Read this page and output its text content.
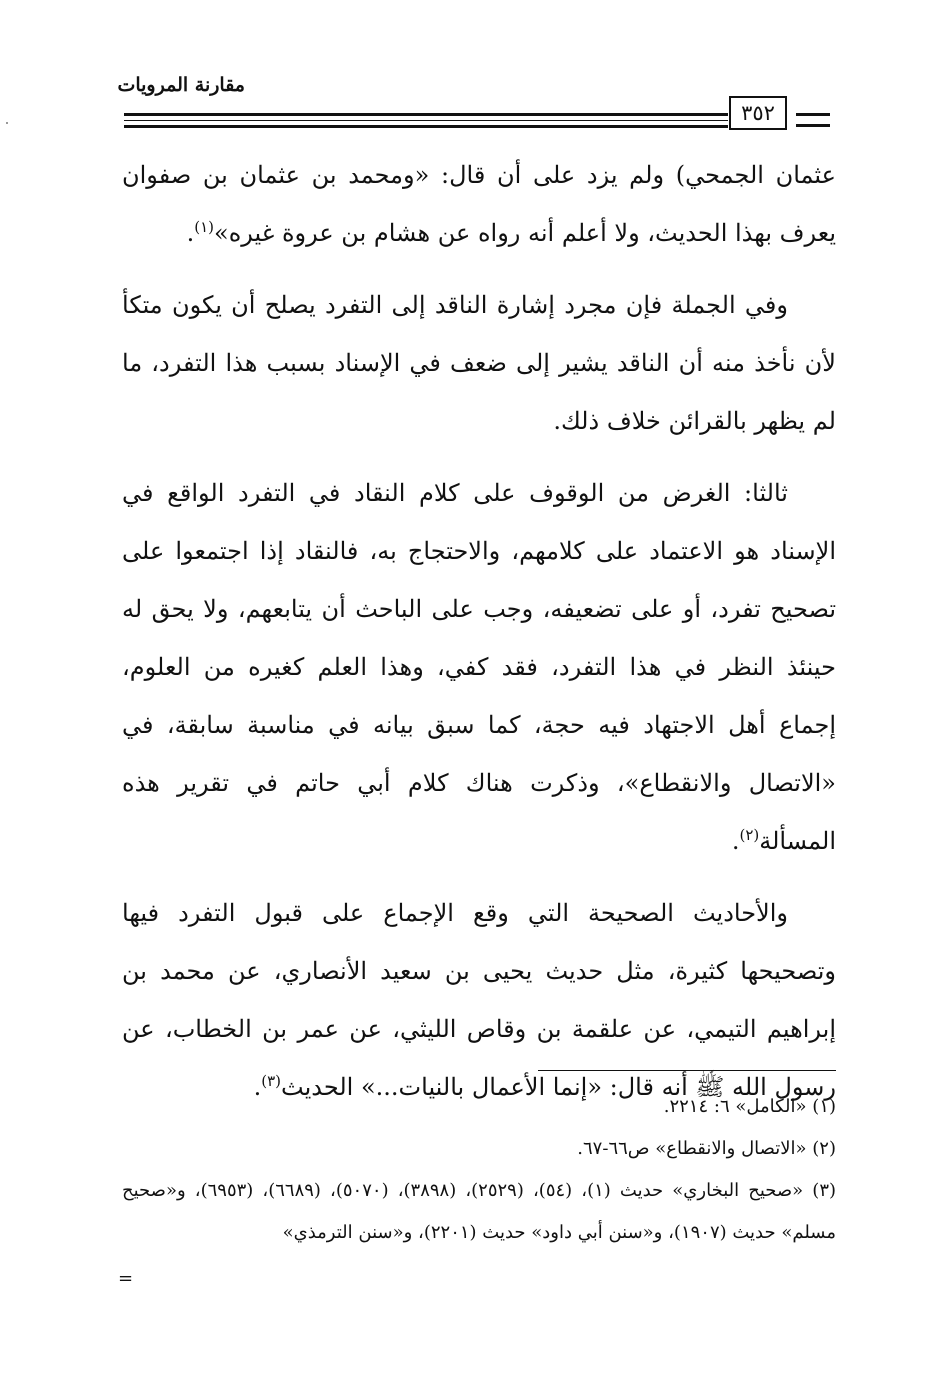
مقارنة المرويات
٣٥٢

عثمان الجمحي) ولم يزد على أن قال: «ومحمد بن عثمان بن صفوان يعرف بهذا الحديث، ولا أعلم أنه رواه عن هشام بن عروة غيره»$^{(١)}$.

وفي الجملة فإن مجرد إشارة الناقد إلى التفرد يصلح أن يكون متكأ لأن نأخذ منه أن الناقد يشير إلى ضعف في الإسناد بسبب هذا التفرد، ما لم يظهر بالقرائن خلاف ذلك.

ثالثا: الغرض من الوقوف على كلام النقاد في التفرد الواقع في الإسناد هو الاعتماد على كلامهم، والاحتجاج به، فالنقاد إذا اجتمعوا على تصحيح تفرد، أو على تضعيفه، وجب على الباحث أن يتابعهم، ولا يحق له حينئذ النظر في هذا التفرد، فقد كفي، وهذا العلم كغيره من العلوم، إجماع أهل الاجتهاد فيه حجة، كما سبق بيانه في مناسبة سابقة، في «الاتصال والانقطاع»، وذكرت هناك كلام أبي حاتم في تقرير هذه المسألة$^{(٢)}$.

والأحاديث الصحيحة التي وقع الإجماع على قبول التفرد فيها وتصحيحها كثيرة، مثل حديث يحيى بن سعيد الأنصاري، عن محمد بن إبراهيم التيمي، عن علقمة بن وقاص الليثي، عن عمر بن الخطاب، عن رسول الله ﷺ أنه قال: «إنما الأعمال بالنيات...» الحديث$^{(٣)}$.

(١) «الكامل» ٦: ٢٢١٤.

(٢) «الاتصال والانقطاع» ص٦٦-٦٧.

(٣) «صحيح البخاري» حديث (١)، (٥٤)، (٢٥٢٩)، (٣٨٩٨)، (٥٠٧٠)، (٦٦٨٩)، (٦٩٥٣)، و«صحيح مسلم» حديث (١٩٠٧)، و«سنن أبي داود» حديث (٢٢٠١)، و«سنن الترمذي»

=
